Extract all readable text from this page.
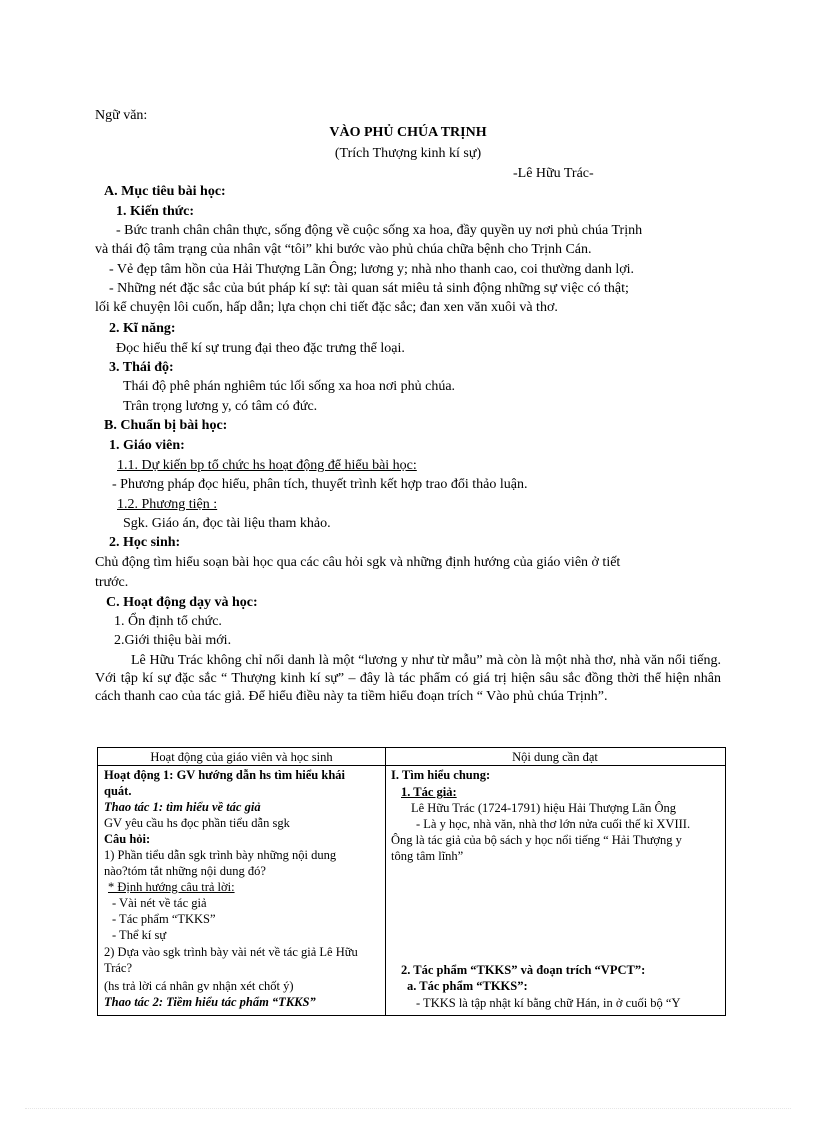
Ngữ văn:
VÀO PHỦ CHÚA TRỊNH
(Trích Thượng kinh kí sự)
-Lê Hữu Trác-
A. Mục tiêu bài học:
1. Kiến thức:
- Bức tranh chân chân thực, sống động về cuộc sống xa hoa, đầy quyền uy nơi phủ chúa Trịnh
và thái độ tâm trạng của nhân vật “tôi” khi bước vào phủ chúa chữa bệnh cho Trịnh Cán.
- Vẻ đẹp tâm hồn của Hải Thượng Lãn Ông; lương y; nhà nho thanh cao, coi thường danh lợi.
- Những nét đặc sắc của bút pháp kí sự: tài quan sát miêu tả sinh động những sự việc có thật;
lối kể chuyện lôi cuốn, hấp dẫn; lựa chọn chi tiết đặc sắc; đan xen văn xuôi và thơ.
2. Kĩ năng:
Đọc hiểu thể kí sự trung đại theo đặc trưng thể loại.
3. Thái độ:
Thái độ phê phán nghiêm túc lối sống xa hoa nơi phủ chúa.
Trân trọng lương y, có tâm có đức.
B. Chuẩn bị bài học:
1. Giáo viên:
1.1. Dự kiến bp tổ chức hs hoạt động để hiểu bài học:
- Phương pháp đọc hiểu, phân tích, thuyết trình kết hợp trao đổi thảo luận.
1.2. Phương tiện :
Sgk. Giáo án, đọc tài liệu tham khảo.
2. Học sinh:
Chủ động tìm hiểu soạn bài học qua các câu hỏi sgk và những định hướng của giáo viên ở tiết
trước.
C. Hoạt động dạy và học:
1. Ổn định tổ chức.
2.Giới thiệu bài mới.
Lê Hữu Trác không chỉ nổi danh là một “lương y như từ mẫu” mà còn là một nhà thơ, nhà văn nổi tiếng. Với tập kí sự đặc sắc “ Thượng kinh kí sự” – đây là tác phẩm có giá trị hiện sâu sắc đồng thời thể hiện nhân cách thanh cao của tác giả. Để hiểu điều này ta tiềm hiểu đoạn trích “ Vào phủ chúa Trịnh”.
Hoạt động của giáo viên và học sinh	Nội dung cần đạt
Hoạt động 1: GV hướng dẫn hs tìm hiểu khái
quát.
Thao tác 1: tìm hiểu về tác giả
GV yêu cầu hs đọc phần tiểu dẫn sgk
Câu hỏi:
1) Phần tiểu dẫn sgk trình bày những nội dung
nào?tóm tắt những nội dung đó?
* Định hướng câu trả lời:
- Vài nét về tác giả
- Tác phẩm “TKKS”
- Thể kí sự
2) Dựa vào sgk trình bày vài nét về tác giả Lê Hữu
Trác?
(hs trả lời cá nhân gv nhận xét chốt ý)
Thao tác 2: Tiềm hiểu tác phẩm “TKKS”
I. Tìm hiểu chung:
1. Tác giả:
Lê Hữu Trác (1724-1791) hiệu Hải Thượng Lãn Ông
- Là y học, nhà văn, nhà thơ lớn nửa cuối thế kỉ XVIII.
Ông là tác giả của bộ sách y học nổi tiếng “ Hải Thượng y
tông tâm lĩnh”
2. Tác phẩm “TKKS” và đoạn trích “VPCT”:
a. Tác phẩm “TKKS”:
- TKKS là tập nhật kí bằng chữ Hán, in ở cuối bộ “Y
